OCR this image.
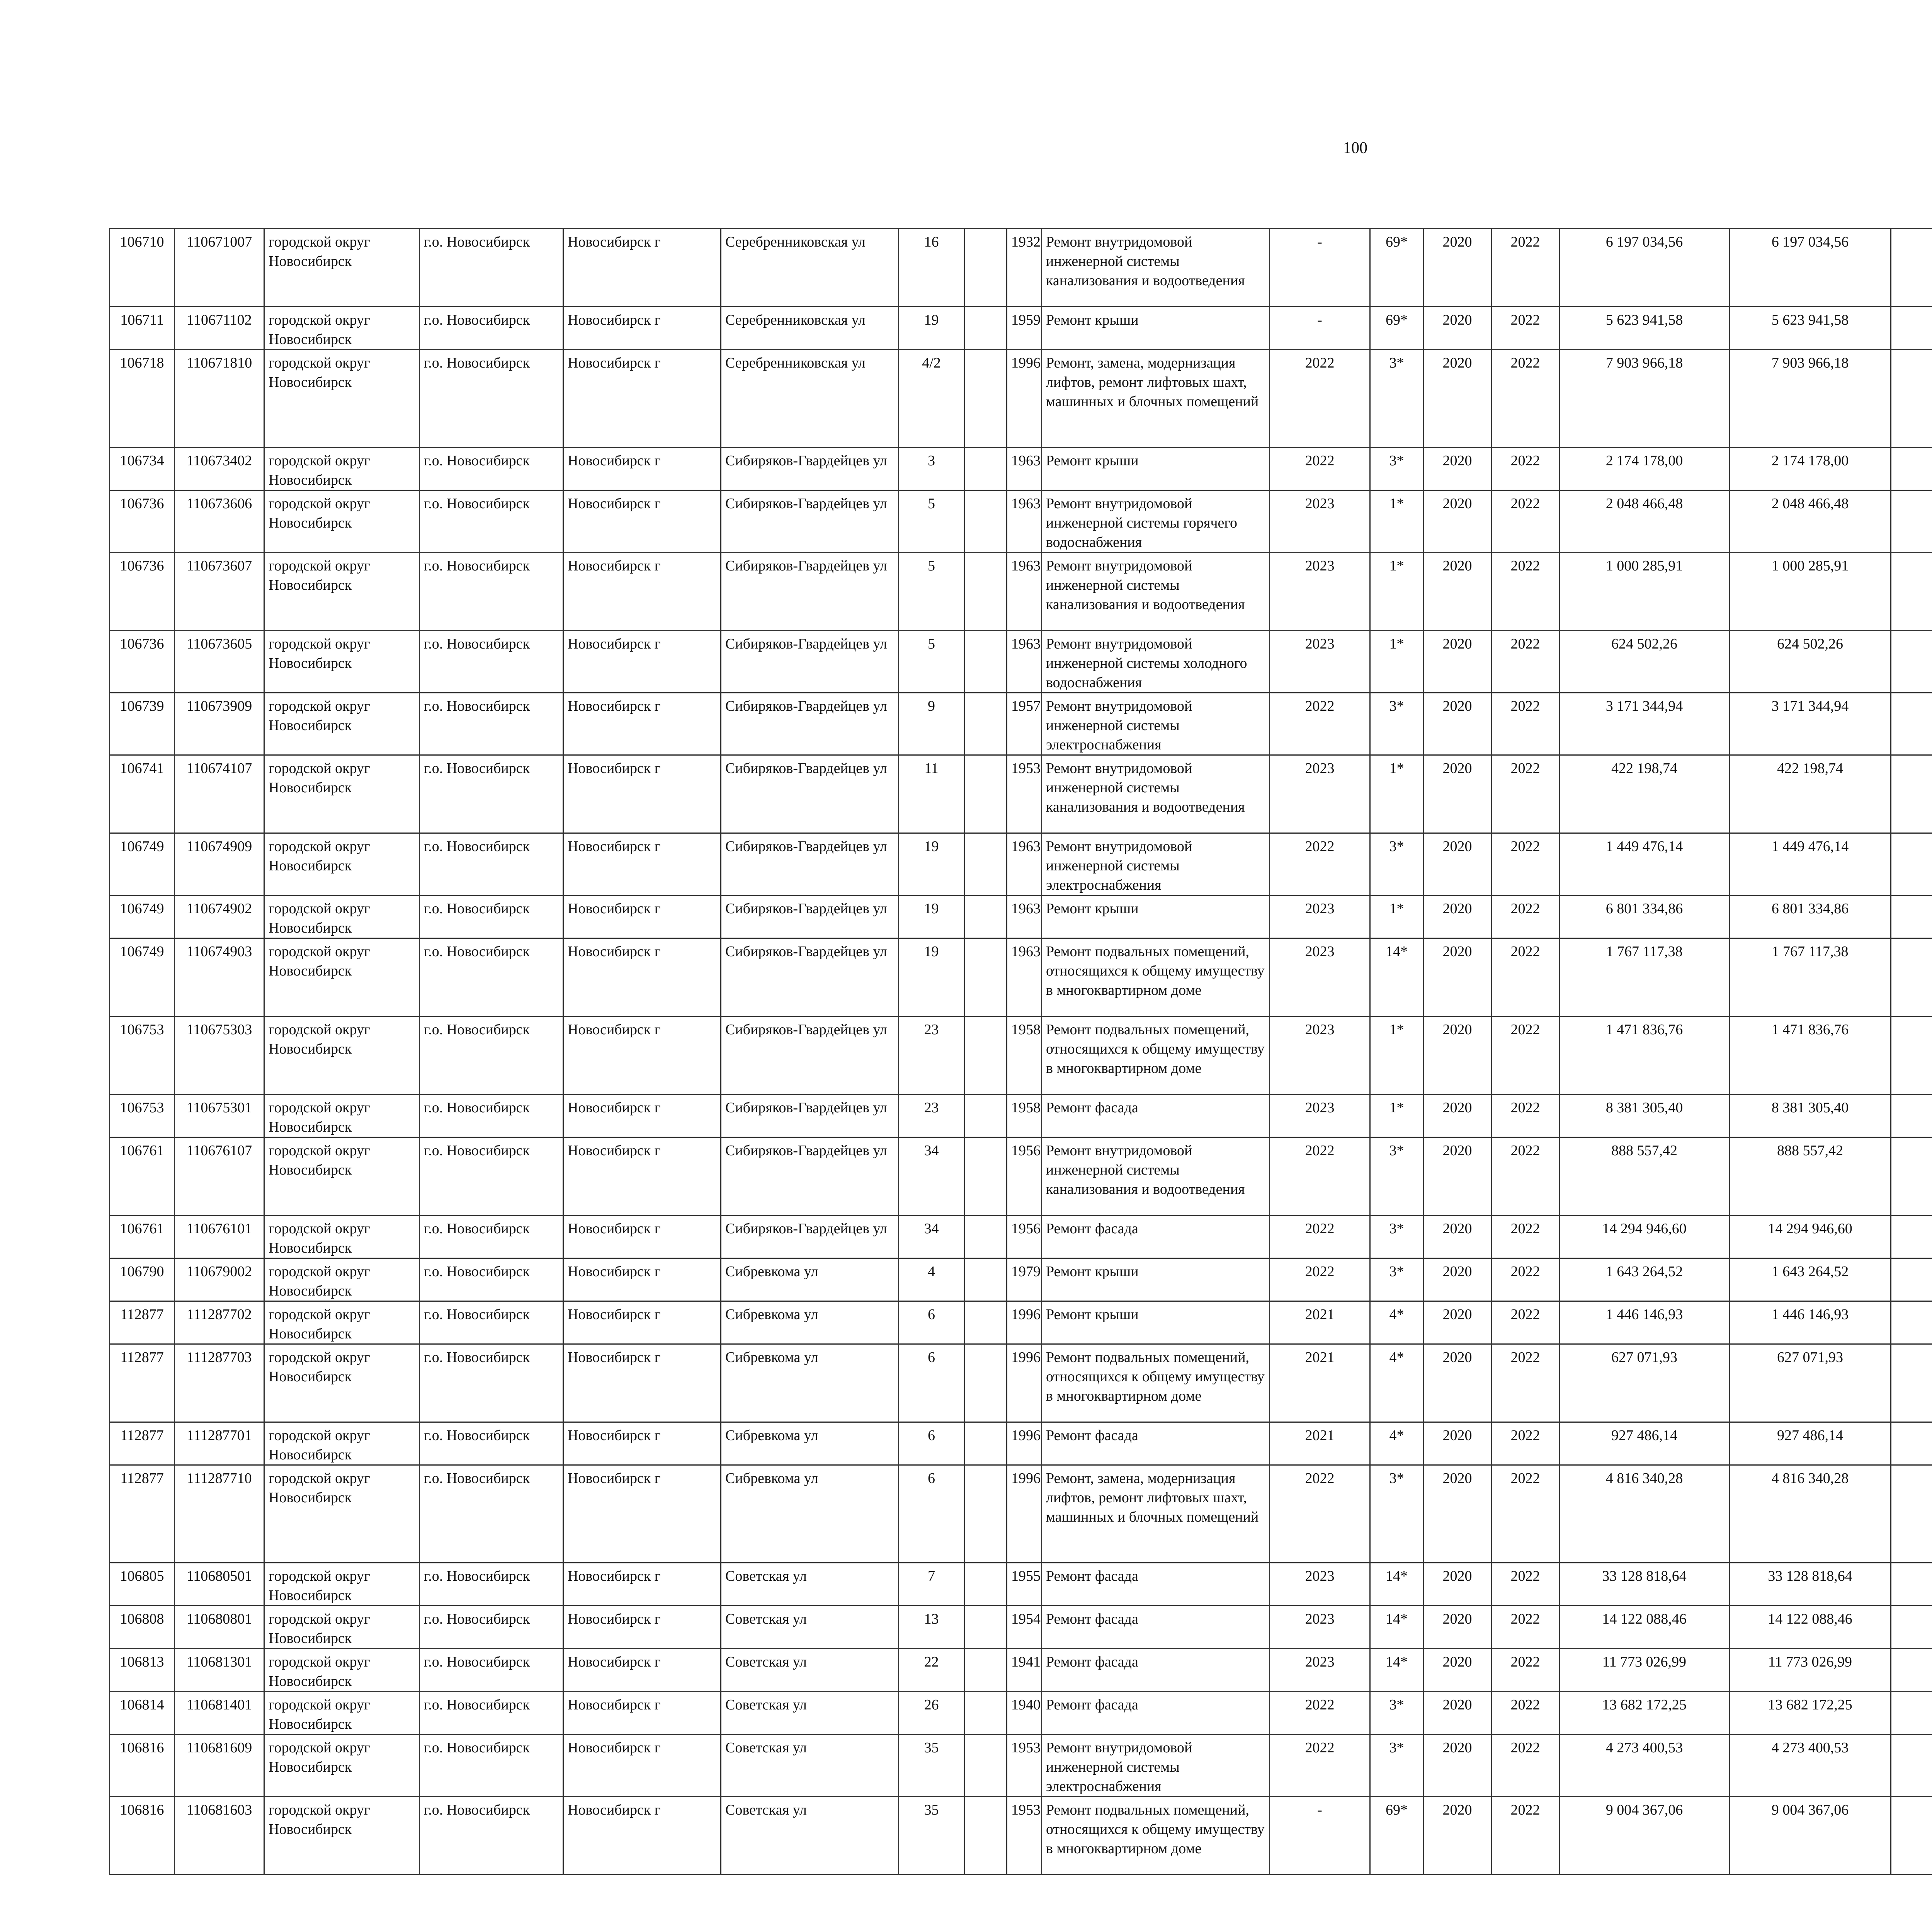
100
106710	110671007	городской округ Новосибирск	г.о. Новосибирск	Новосибирск г	Серебренниковская ул	16		1932	Ремонт внутридомовой инженерной системы канализования и водоотведения	-	69*	2020	2022	6 197 034,56	6 197 034,56						
106711	110671102	городской округ Новосибирск	г.о. Новосибирск	Новосибирск г	Серебренниковская ул	19		1959	Ремонт крыши	-	69*	2020	2022	5 623 941,58	5 623 941,58						
106718	110671810	городской округ Новосибирск	г.о. Новосибирск	Новосибирск г	Серебренниковская ул	4/2		1996	Ремонт, замена, модернизация лифтов, ремонт лифтовых шахт, машинных и блочных помещений	2022	3*	2020	2022	7 903 966,18	7 903 966,18						
106734	110673402	городской округ Новосибирск	г.о. Новосибирск	Новосибирск г	Сибиряков-Гвардейцев ул	3		1963	Ремонт крыши	2022	3*	2020	2022	2 174 178,00	2 174 178,00						
106736	110673606	городской округ Новосибирск	г.о. Новосибирск	Новосибирск г	Сибиряков-Гвардейцев ул	5		1963	Ремонт внутридомовой инженерной системы горячего водоснабжения	2023	1*	2020	2022	2 048 466,48	2 048 466,48						
106736	110673607	городской округ Новосибирск	г.о. Новосибирск	Новосибирск г	Сибиряков-Гвардейцев ул	5		1963	Ремонт внутридомовой инженерной системы канализования и водоотведения	2023	1*	2020	2022	1 000 285,91	1 000 285,91						
106736	110673605	городской округ Новосибирск	г.о. Новосибирск	Новосибирск г	Сибиряков-Гвардейцев ул	5		1963	Ремонт внутридомовой инженерной системы холодного водоснабжения	2023	1*	2020	2022	624 502,26	624 502,26						
106739	110673909	городской округ Новосибирск	г.о. Новосибирск	Новосибирск г	Сибиряков-Гвардейцев ул	9		1957	Ремонт внутридомовой инженерной системы электроснабжения	2022	3*	2020	2022	3 171 344,94	3 171 344,94						
106741	110674107	городской округ Новосибирск	г.о. Новосибирск	Новосибирск г	Сибиряков-Гвардейцев ул	11		1953	Ремонт внутридомовой инженерной системы канализования и водоотведения	2023	1*	2020	2022	422 198,74	422 198,74						
106749	110674909	городской округ Новосибирск	г.о. Новосибирск	Новосибирск г	Сибиряков-Гвардейцев ул	19		1963	Ремонт внутридомовой инженерной системы электроснабжения	2022	3*	2020	2022	1 449 476,14	1 449 476,14						
106749	110674902	городской округ Новосибирск	г.о. Новосибирск	Новосибирск г	Сибиряков-Гвардейцев ул	19		1963	Ремонт крыши	2023	1*	2020	2022	6 801 334,86	6 801 334,86						
106749	110674903	городской округ Новосибирск	г.о. Новосибирск	Новосибирск г	Сибиряков-Гвардейцев ул	19		1963	Ремонт подвальных помещений, относящихся к общему имуществу в многоквартирном доме	2023	14*	2020	2022	1 767 117,38	1 767 117,38						
106753	110675303	городской округ Новосибирск	г.о. Новосибирск	Новосибирск г	Сибиряков-Гвардейцев ул	23		1958	Ремонт подвальных помещений, относящихся к общему имуществу в многоквартирном доме	2023	1*	2020	2022	1 471 836,76	1 471 836,76						
106753	110675301	городской округ Новосибирск	г.о. Новосибирск	Новосибирск г	Сибиряков-Гвардейцев ул	23		1958	Ремонт фасада	2023	1*	2020	2022	8 381 305,40	8 381 305,40						
106761	110676107	городской округ Новосибирск	г.о. Новосибирск	Новосибирск г	Сибиряков-Гвардейцев ул	34		1956	Ремонт внутридомовой инженерной системы канализования и водоотведения	2022	3*	2020	2022	888 557,42	888 557,42						
106761	110676101	городской округ Новосибирск	г.о. Новосибирск	Новосибирск г	Сибиряков-Гвардейцев ул	34		1956	Ремонт фасада	2022	3*	2020	2022	14 294 946,60	14 294 946,60						
106790	110679002	городской округ Новосибирск	г.о. Новосибирск	Новосибирск г	Сибревкома ул	4		1979	Ремонт крыши	2022	3*	2020	2022	1 643 264,52	1 643 264,52						
112877	111287702	городской округ Новосибирск	г.о. Новосибирск	Новосибирск г	Сибревкома ул	6		1996	Ремонт крыши	2021	4*	2020	2022	1 446 146,93	1 446 146,93						
112877	111287703	городской округ Новосибирск	г.о. Новосибирск	Новосибирск г	Сибревкома ул	6		1996	Ремонт подвальных помещений, относящихся к общему имуществу в многоквартирном доме	2021	4*	2020	2022	627 071,93	627 071,93						
112877	111287701	городской округ Новосибирск	г.о. Новосибирск	Новосибирск г	Сибревкома ул	6		1996	Ремонт фасада	2021	4*	2020	2022	927 486,14	927 486,14						
112877	111287710	городской округ Новосибирск	г.о. Новосибирск	Новосибирск г	Сибревкома ул	6		1996	Ремонт, замена, модернизация лифтов, ремонт лифтовых шахт, машинных и блочных помещений	2022	3*	2020	2022	4 816 340,28	4 816 340,28						
106805	110680501	городской округ Новосибирск	г.о. Новосибирск	Новосибирск г	Советская ул	7		1955	Ремонт фасада	2023	14*	2020	2022	33 128 818,64	33 128 818,64						
106808	110680801	городской округ Новосибирск	г.о. Новосибирск	Новосибирск г	Советская ул	13		1954	Ремонт фасада	2023	14*	2020	2022	14 122 088,46	14 122 088,46						
106813	110681301	городской округ Новосибирск	г.о. Новосибирск	Новосибирск г	Советская ул	22		1941	Ремонт фасада	2023	14*	2020	2022	11 773 026,99	11 773 026,99						
106814	110681401	городской округ Новосибирск	г.о. Новосибирск	Новосибирск г	Советская ул	26		1940	Ремонт фасада	2022	3*	2020	2022	13 682 172,25	13 682 172,25						
106816	110681609	городской округ Новосибирск	г.о. Новосибирск	Новосибирск г	Советская ул	35		1953	Ремонт внутридомовой инженерной системы электроснабжения	2022	3*	2020	2022	4 273 400,53	4 273 400,53						
106816	110681603	городской округ Новосибирск	г.о. Новосибирск	Новосибирск г	Советская ул	35		1953	Ремонт подвальных помещений, относящихся к общему имуществу в многоквартирном доме	-	69*	2020	2022	9 004 367,06	9 004 367,06						
